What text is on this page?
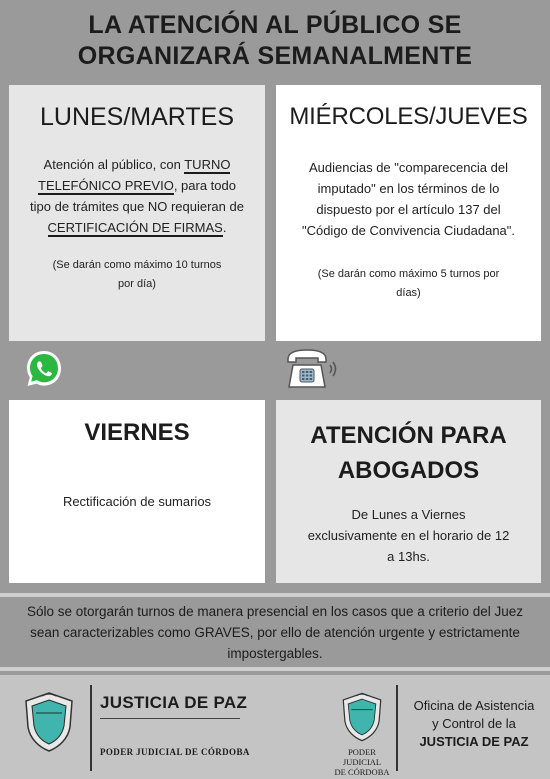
LA ATENCIÓN AL PÚBLICO SE
ORGANIZARÁ SEMANALMENTE
LUNES/MARTES
Atención al público, con TURNO TELEFÓNICO PREVIO, para todo tipo de trámites que NO requieran de CERTIFICACIÓN DE FIRMAS.
(Se darán como máximo 10 turnos por día)
MIÉRCOLES/JUEVES
Audiencias de "comparecencia del imputado" en los términos de lo dispuesto por el artículo 137 del "Código de Convivencia Ciudadana".
(Se darán como máximo 5 turnos por días)
VIERNES
Rectificación de sumarios
ATENCIÓN PARA
ABOGADOS
De Lunes a Viernes exclusivamente en el horario de 12 a 13hs.
Sólo se otorgarán turnos de manera presencial en los casos que a criterio del Juez sean caracterizables como GRAVES, por ello de atención urgente y estrictamente impostergables.
JUSTICIA DE PAZ
PODER JUDICIAL DE CÓRDOBA	PODER JUDICIAL
DE CÓRDOBA
Oficina de Asistencia
y Control de la
JUSTICIA DE PAZ
